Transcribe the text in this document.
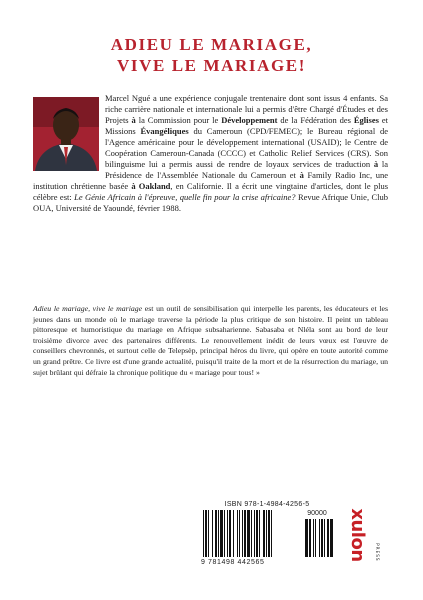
ADIEU LE MARIAGE,
VIVE LE MARIAGE!
Marcel Ngué a une expérience conjugale trentenaire dont sont issus 4 enfants. Sa riche carrière nationale et internationale lui a permis d'être Chargé d'Études et des Projets à la Commission pour le Développement de la Fédération des Églises et Missions Évangéliques du Cameroun (CPD/FEMEC); le Bureau régional de l'Agence américaine pour le développement international (USAID); le Centre de Coopération Cameroun-Canada (CCCC) et Catholic Relief Services (CRS). Son bilinguisme lui a permis aussi de rendre de loyaux services de traduction à la Présidence de l'Assemblée Nationale du Cameroun et à Family Radio Inc, une institution chrétienne basée à Oakland, en Californie. Il a écrit une vingtaine d'articles, dont le plus célèbre est: Le Génie Africain à l'épreuve, quelle fin pour la crise africaine? Revue Afrique Unie, Club OUA, Université de Yaoundé, février 1988.
Adieu le mariage, vive le mariage est un outil de sensibilisation qui interpelle les parents, les éducateurs et les jeunes dans un monde où le mariage traverse la période la plus critique de son histoire. Il peint un tableau pittoresque et humoristique du mariage en Afrique subsaharienne. Sabasaba et Nléla sont au bord de leur troisième divorce avec des partenaires différents. Le renouvellement inédit de leurs vœux est l'œuvre de conseillers chevronnés, et surtout celle de Telepsèp, principal héros du livre, qui opère en toute autorité comme un grand prêtre. Ce livre est d'une grande actualité, puisqu'il traite de la mort et de la résurrection du mariage, un sujet brûlant qui défraie la chronique politique du « mariage pour tous! »
ISBN 978-1-4984-4256-5
9 781498 442565
90000	xulon PRESS
